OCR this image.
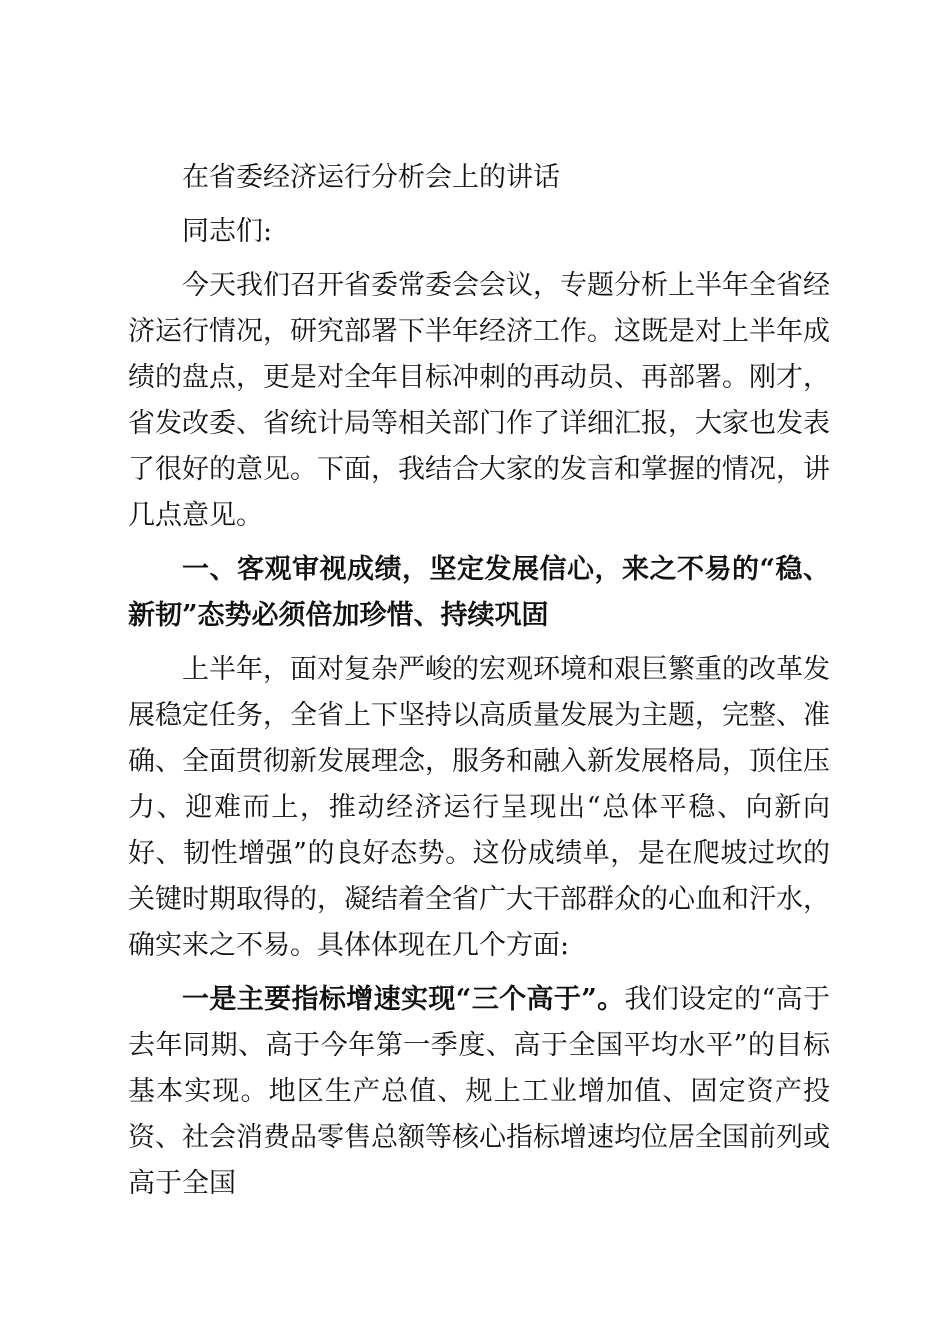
在省委经济运行分析会上的讲话

同志们:

今天我们召开省委常委会会议，专题分析上半年全省经济运行情况，研究部署下半年经济工作。这既是对上半年成绩的盘点，更是对全年目标冲刺的再动员、再部署。刚才，省发改委、省统计局等相关部门作了详细汇报，大家也发表了很好的意见。下面，我结合大家的发言和掌握的情况，讲几点意见。

一、客观审视成绩，坚定发展信心，来之不易的“稳、新韧”态势必须倍加珍惜、持续巩固

上半年，面对复杂严峻的宏观环境和艰巨繁重的改革发展稳定任务，全省上下坚持以高质量发展为主题，完整、准确、全面贯彻新发展理念，服务和融入新发展格局，顶住压力、迎难而上，推动经济运行呈现出“总体平稳、向新向好、韧性增强”的良好态势。这份成绩单，是在爬坡过坎的关键时期取得的，凝结着全省广大干部群众的心血和汗水，确实来之不易。具体体现在几个方面:

一是主要指标增速实现“三个高于”。我们设定的“高于去年同期、高于今年第一季度、高于全国平均水平”的目标基本实现。地区生产总值、规上工业增加值、固定资产投资、社会消费品零售总额等核心指标增速均位居全国前列或高于全国
